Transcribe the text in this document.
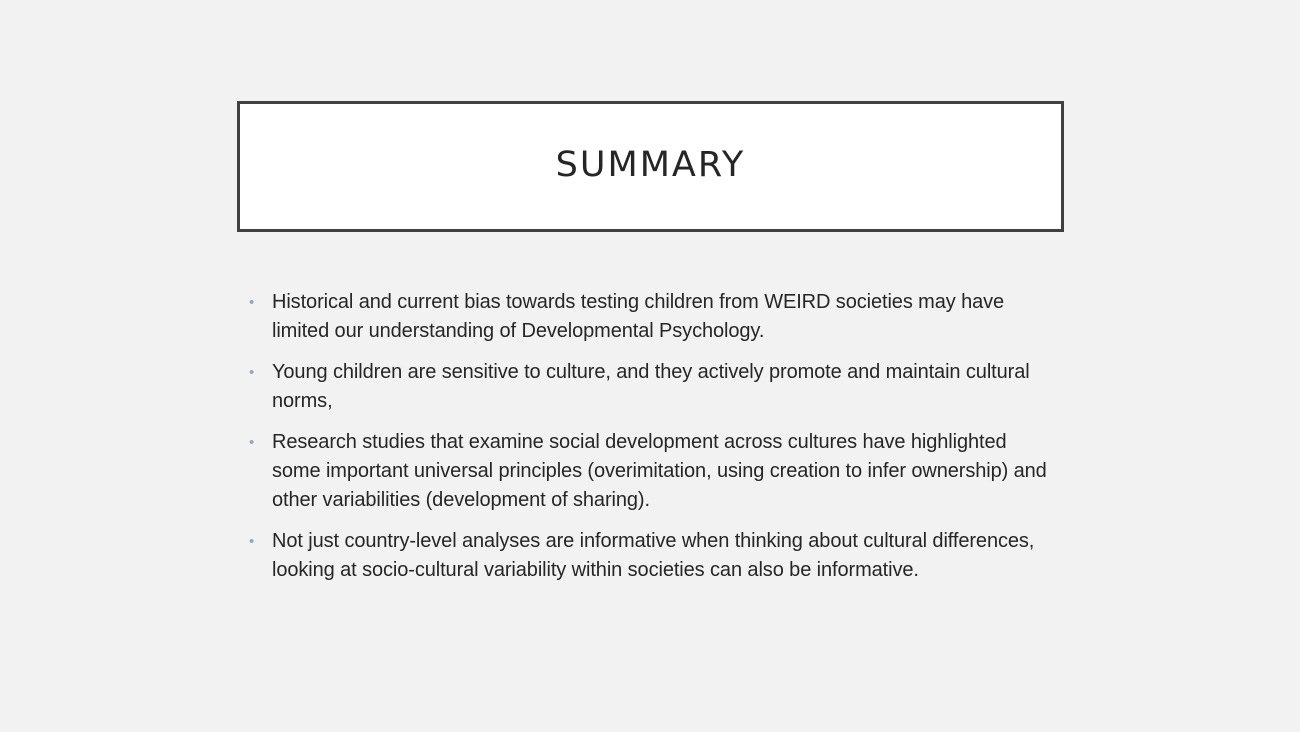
SUMMARY
• Historical and current bias towards testing children from WEIRD societies may have limited our understanding of Developmental Psychology.
• Young children are sensitive to culture, and they actively promote and maintain cultural norms,
• Research studies that examine social development across cultures have highlighted some important universal principles (overimitation, using creation to infer ownership) and other variabilities (development of sharing).
• Not just country-level analyses are informative when thinking about cultural differences, looking at socio-cultural variability within societies can also be informative.
